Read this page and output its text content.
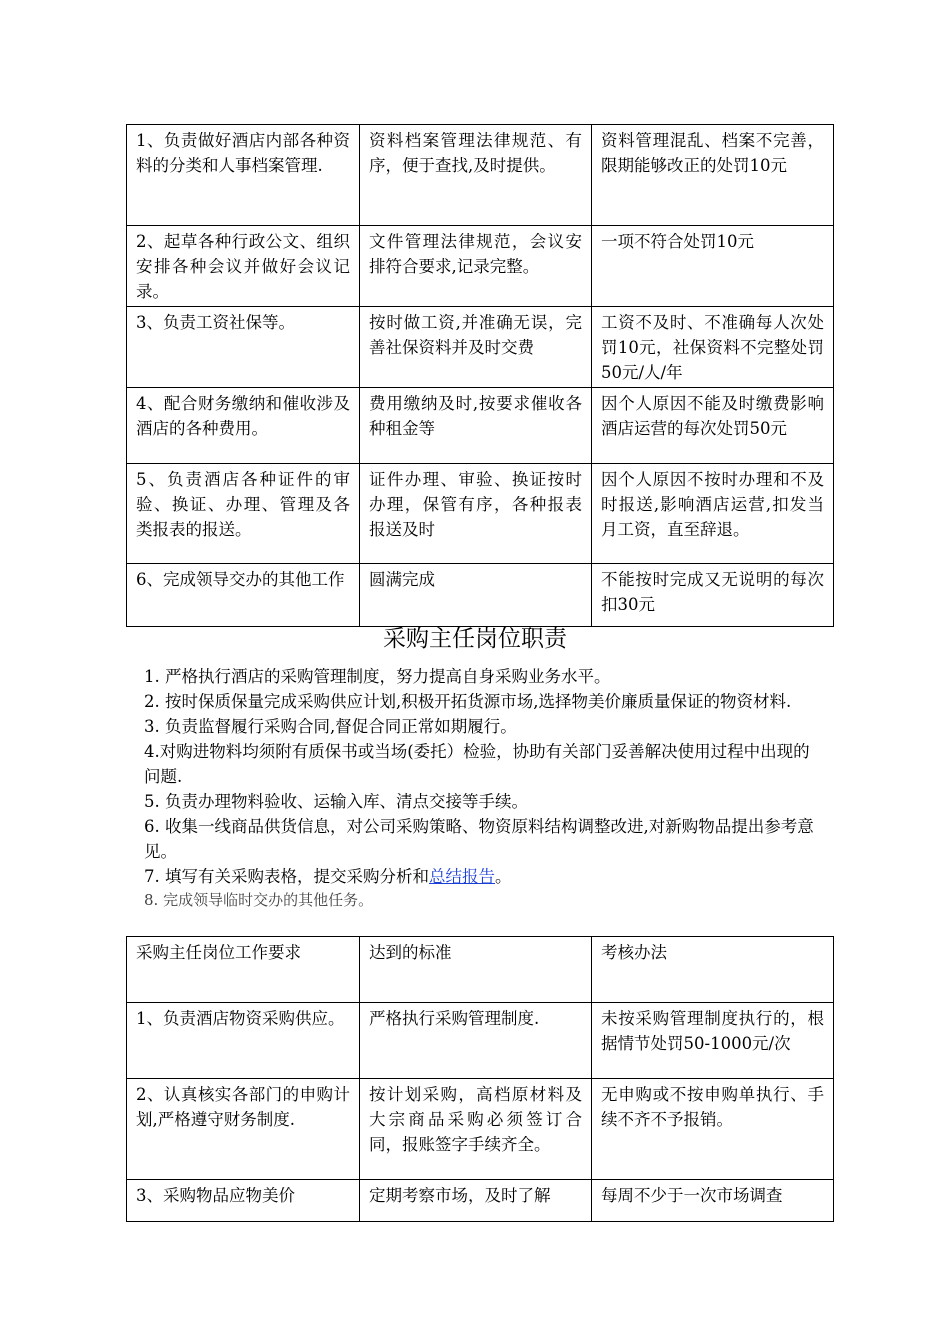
1、负责做好酒店内部各种资料的分类和人事档案管理.	资料档案管理法律规范、有序，便于查找,及时提供。	资料管理混乱、档案不完善，限期能够改正的处罚10元
2、起草各种行政公文、组织安排各种会议并做好会议记录。	文件管理法律规范，会议安排符合要求,记录完整。	一项不符合处罚10元
3、负责工资社保等。	按时做工资,并准确无误，完善社保资料并及时交费	工资不及时、不准确每人次处罚10元，社保资料不完整处罚50元/人/年
4、配合财务缴纳和催收涉及酒店的各种费用。	费用缴纳及时,按要求催收各种租金等	因个人原因不能及时缴费影响酒店运营的每次处罚50元
5、负责酒店各种证件的审验、换证、办理、管理及各类报表的报送。	证件办理、审验、换证按时办理，保管有序，各种报表报送及时	因个人原因不按时办理和不及时报送,影响酒店运营,扣发当月工资，直至辞退。
6、完成领导交办的其他工作	圆满完成	不能按时完成又无说明的每次扣30元
采购主任岗位职责

1. 严格执行酒店的采购管理制度，努力提高自身采购业务水平。

2. 按时保质保量完成采购供应计划,积极开拓货源市场,选择物美价廉质量保证的物资材料.

3. 负责监督履行采购合同,督促合同正常如期履行。

4.对购进物料均须附有质保书或当场(委托）检验，协助有关部门妥善解决使用过程中出现的问题.

5. 负责办理物料验收、运输入库、清点交接等手续。

6. 收集一线商品供货信息，对公司采购策略、物资原料结构调整改进,对新购物品提出参考意见。

7. 填写有关采购表格，提交采购分析和总结报告。

8. 完成领导临时交办的其他任务。

采购主任岗位工作要求	达到的标准	考核办法
1、负责酒店物资采购供应。	严格执行采购管理制度.	未按采购管理制度执行的，根据情节处罚50-1000元/次
2、认真核实各部门的申购计划,严格遵守财务制度.	按计划采购，高档原材料及大宗商品采购必须签订合同，报账签字手续齐全。	无申购或不按申购单执行、手续不齐不予报销。
3、采购物品应物美价	定期考察市场，及时了解	每周不少于一次市场调查
